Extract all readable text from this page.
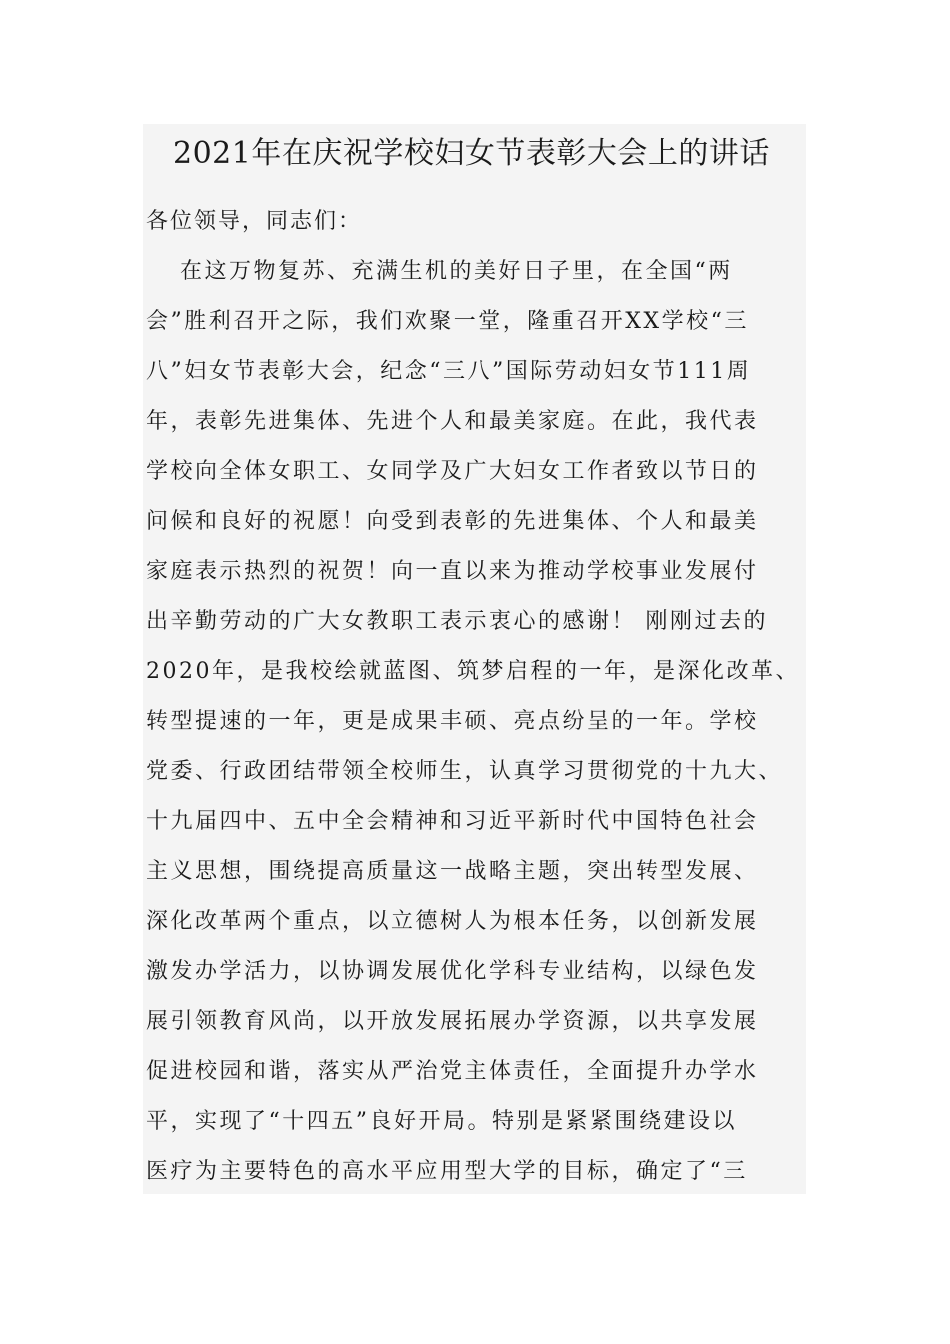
2021年在庆祝学校妇女节表彰大会上的讲话

各位领导，同志们：

在这万物复苏、充满生机的美好日子里，在全国“两
会”胜利召开之际，我们欢聚一堂，隆重召开XX学校“三
八”妇女节表彰大会，纪念“三八”国际劳动妇女节111周
年，表彰先进集体、先进个人和最美家庭。在此，我代表
学校向全体女职工、女同学及广大妇女工作者致以节日的
问候和良好的祝愿！向受到表彰的先进集体、个人和最美
家庭表示热烈的祝贺！向一直以来为推动学校事业发展付
出辛勤劳动的广大女教职工表示衷心的感谢！ 刚刚过去的
2020年，是我校绘就蓝图、筑梦启程的一年，是深化改革、
转型提速的一年，更是成果丰硕、亮点纷呈的一年。学校
党委、行政团结带领全校师生，认真学习贯彻党的十九大、
十九届四中、五中全会精神和习近平新时代中国特色社会
主义思想，围绕提高质量这一战略主题，突出转型发展、
深化改革两个重点，以立德树人为根本任务，以创新发展
激发办学活力，以协调发展优化学科专业结构，以绿色发
展引领教育风尚，以开放发展拓展办学资源，以共享发展
促进校园和谐，落实从严治党主体责任，全面提升办学水
平，实现了“十四五”良好开局。特别是紧紧围绕建设以
医疗为主要特色的高水平应用型大学的目标，确定了“三
